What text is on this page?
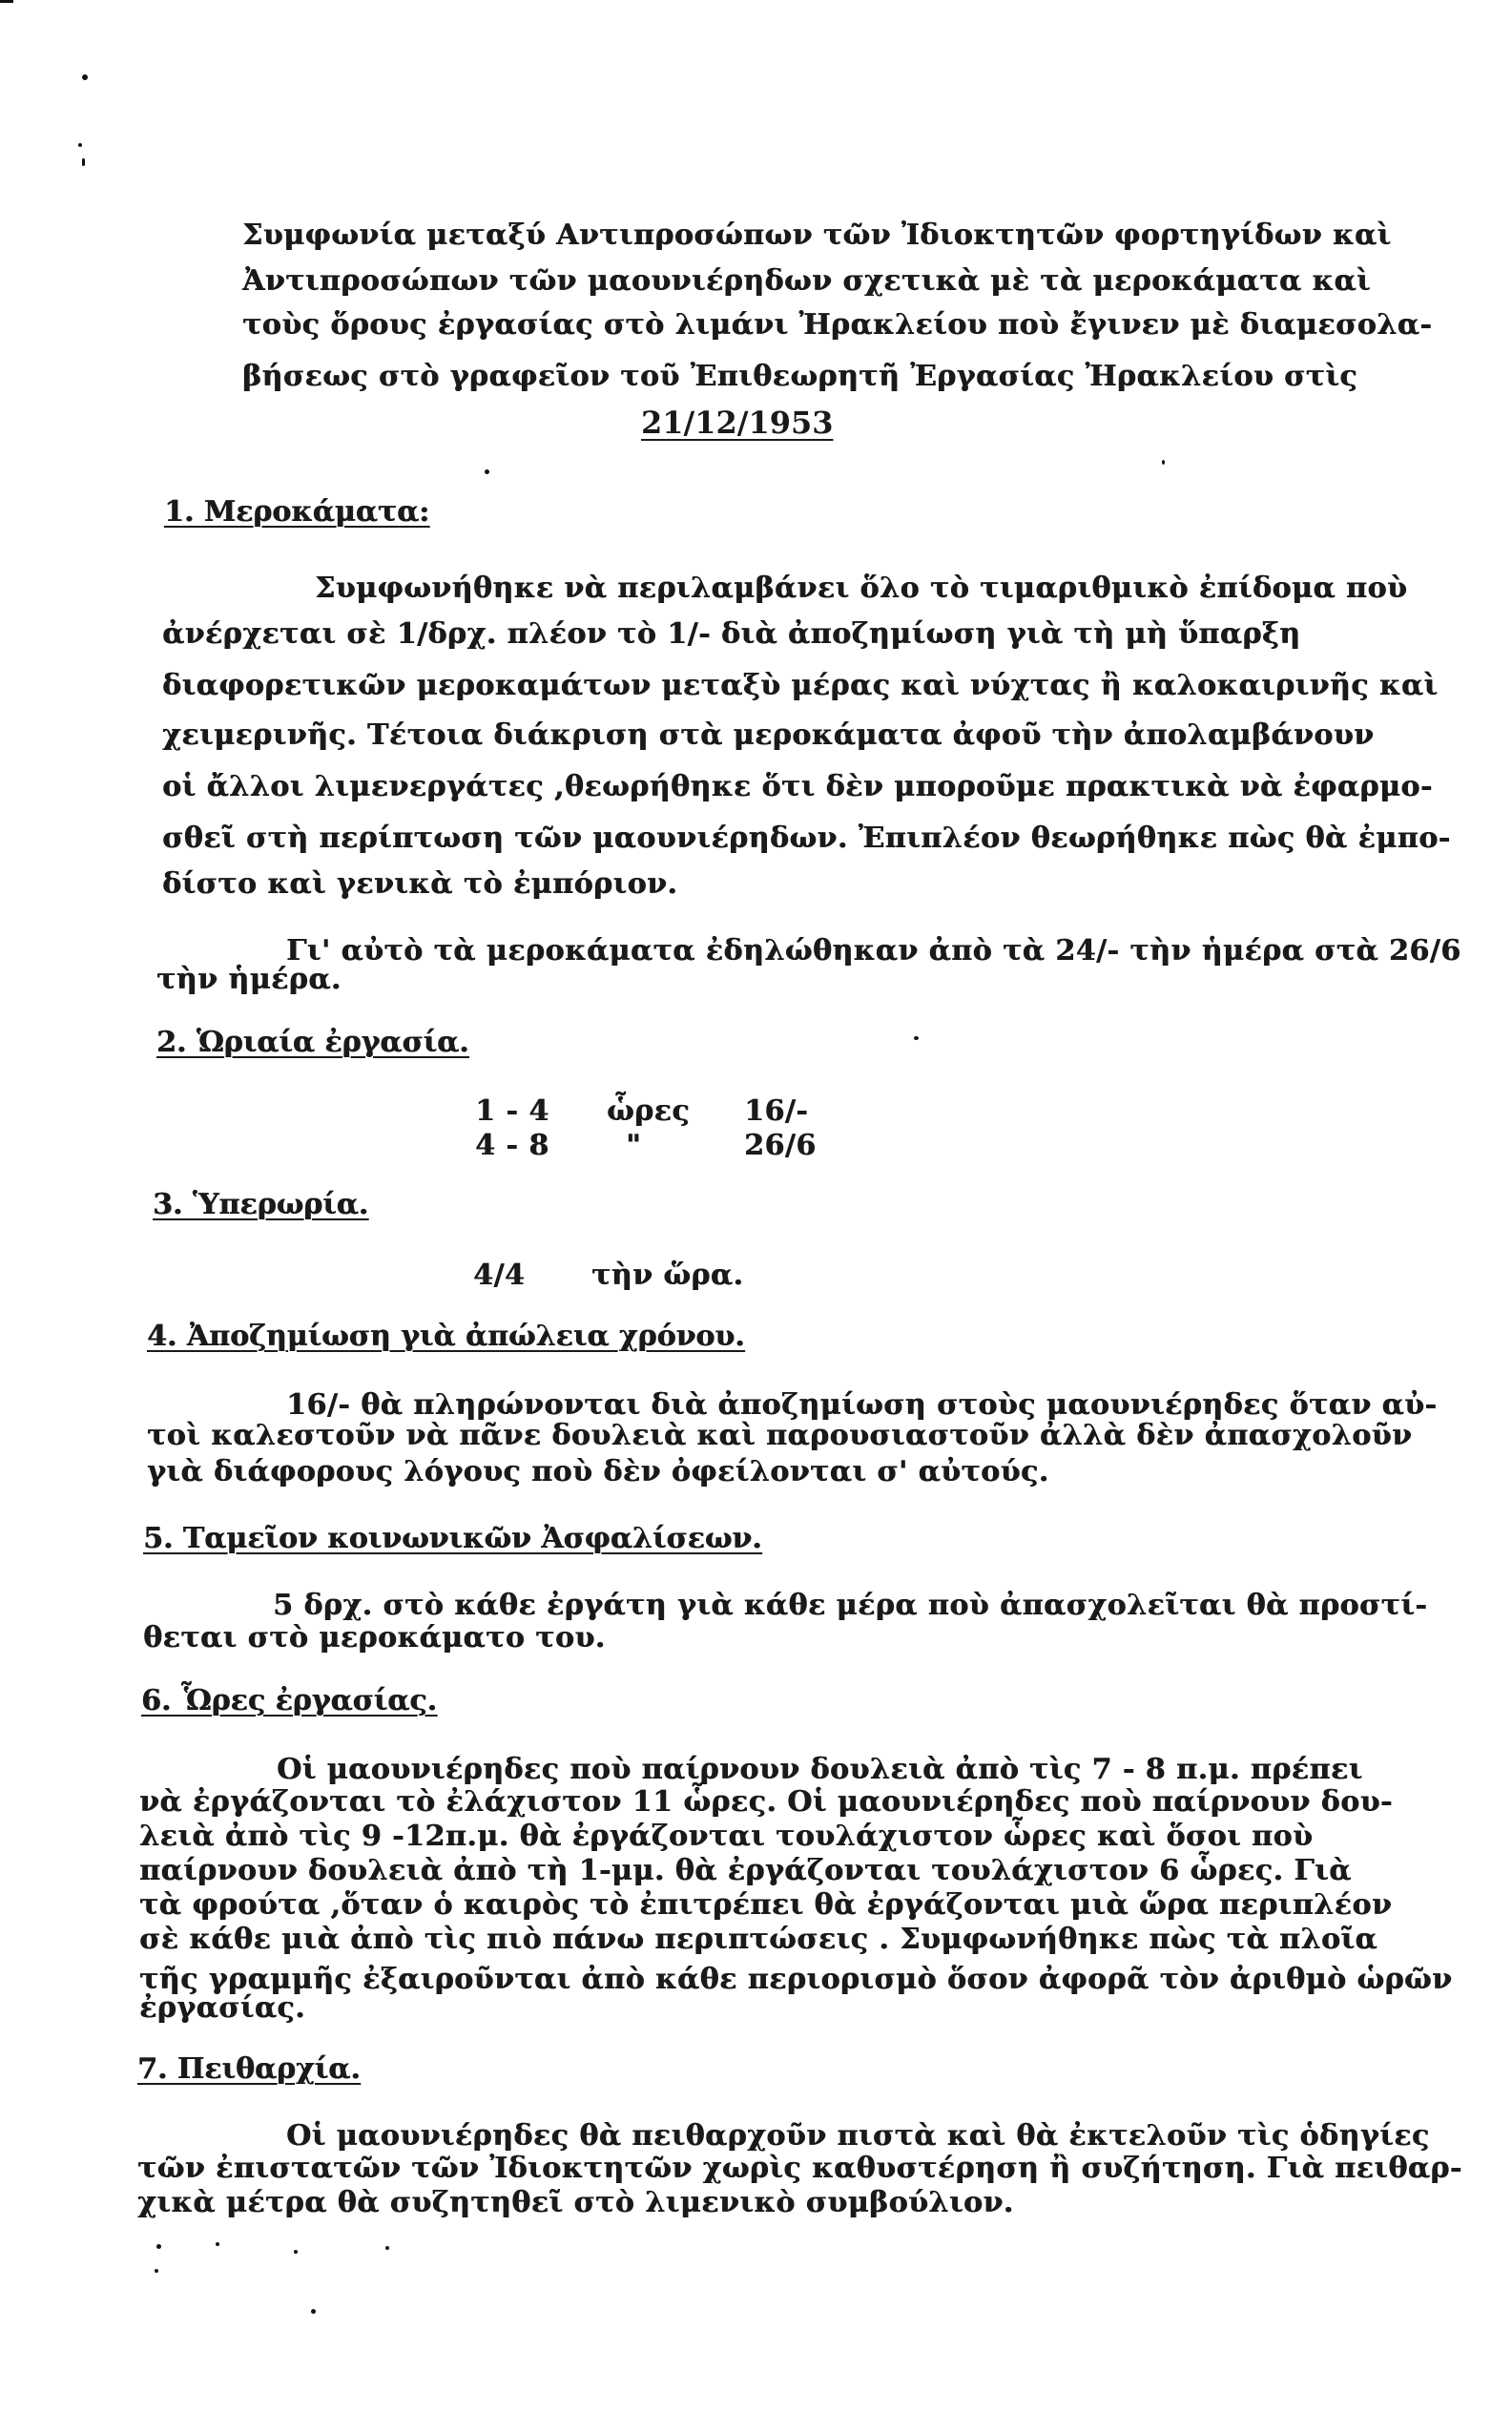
Συμφωνία μεταξύ Αντιπροσώπων τῶν Ἰδιοκτητῶν φορτηγίδων καὶ
Ἀντιπροσώπων τῶν μαουνιέρηδων σχετικὰ μὲ τὰ μεροκάματα καὶ
τοὺς ὅρους ἐργασίας στὸ λιμάνι Ἠρακλείου ποὺ ἔγινεν μὲ διαμεσολα-
βήσεως στὸ γραφεῖον τοῦ Ἐπιθεωρητῆ Ἐργασίας Ἠρακλείου στὶς
21/12/1953
1. Μεροκάματα:
Συμφωνήθηκε νὰ περιλαμβάνει ὅλο τὸ τιμαριθμικὸ ἐπίδομα ποὺ
ἀνέρχεται σὲ 1/δρχ. πλέον τὸ 1/- διὰ ἀποζημίωση γιὰ τὴ μὴ ὕπαρξη
διαφορετικῶν μεροκαμάτων μεταξὺ μέρας καὶ νύχτας ἢ καλοκαιρινῆς καὶ
χειμερινῆς. Τέτοια διάκριση στὰ μεροκάματα ἀφοῦ τὴν ἀπολαμβάνουν
οἱ ἄλλοι λιμενεργάτες ,θεωρήθηκε ὅτι δὲν μποροῦμε πρακτικὰ νὰ ἐφαρμο-
σθεῖ στὴ περίπτωση τῶν μαουνιέρηδων. Ἐπιπλέον θεωρήθηκε πὼς θὰ ἐμπο-
δίστο καὶ γενικὰ τὸ ἐμπόριον.
Γι' αὐτὸ τὰ μεροκάματα ἐδηλώθηκαν ἀπὸ τὰ 24/- τὴν ἡμέρα στὰ 26/6
τὴν ἡμέρα.
2. Ὡριαία ἐργασία.
1 - 4 ὧρες 16/-
4 - 8	"	26/6
3. Ὑπερωρία.
4/4 τὴν ὥρα.
4. Ἀποζημίωση γιὰ ἀπώλεια χρόνου.
16/- θὰ πληρώνονται διὰ ἀποζημίωση στοὺς μαουνιέρηδες ὅταν αὐ-
τοὶ καλεστοῦν νὰ πᾶνε δουλειὰ καὶ παρουσιαστοῦν ἀλλὰ δὲν ἀπασχολοῦν
γιὰ διάφορους λόγους ποὺ δὲν ὀφείλονται σ' αὐτούς.
5. Ταμεῖον κοινωνικῶν Ἀσφαλίσεων.
5 δρχ. στὸ κάθε ἐργάτη γιὰ κάθε μέρα ποὺ ἀπασχολεῖται θὰ προστί-
θεται στὸ μεροκάματο του.
6. Ὧρες ἐργασίας.
Οἱ μαουνιέρηδες ποὺ παίρνουν δουλειὰ ἀπὸ τὶς 7 - 8 π.μ. πρέπει
νὰ ἐργάζονται τὸ ἐλάχιστον 11 ὧρες. Οἱ μαουνιέρηδες ποὺ παίρνουν δου-
λειὰ ἀπὸ τὶς 9 -12π.μ. θὰ ἐργάζονται τουλάχιστον ὧρες καὶ ὅσοι ποὺ
παίρνουν δουλειὰ ἀπὸ τὴ 1-μμ. θὰ ἐργάζονται τουλάχιστον 6 ὧρες. Γιὰ
τὰ φρούτα ,ὅταν ὁ καιρὸς τὸ ἐπιτρέπει θὰ ἐργάζονται μιὰ ὥρα περιπλέον
σὲ κάθε μιὰ ἀπὸ τὶς πιὸ πάνω περιπτώσεις . Συμφωνήθηκε πὼς τὰ πλοῖα
τῆς γραμμῆς ἐξαιροῦνται ἀπὸ κάθε περιορισμὸ ὅσον ἀφορᾶ τὸν ἀριθμὸ ὡρῶν
ἐργασίας.
7. Πειθαρχία.
Οἱ μαουνιέρηδες θὰ πειθαρχοῦν πιστὰ καὶ θὰ ἐκτελοῦν τὶς ὁδηγίες
τῶν ἐπιστατῶν τῶν Ἰδιοκτητῶν χωρὶς καθυστέρηση ἢ συζήτηση. Γιὰ πειθαρ-
χικὰ μέτρα θὰ συζητηθεῖ στὸ λιμενικὸ συμβούλιον.
